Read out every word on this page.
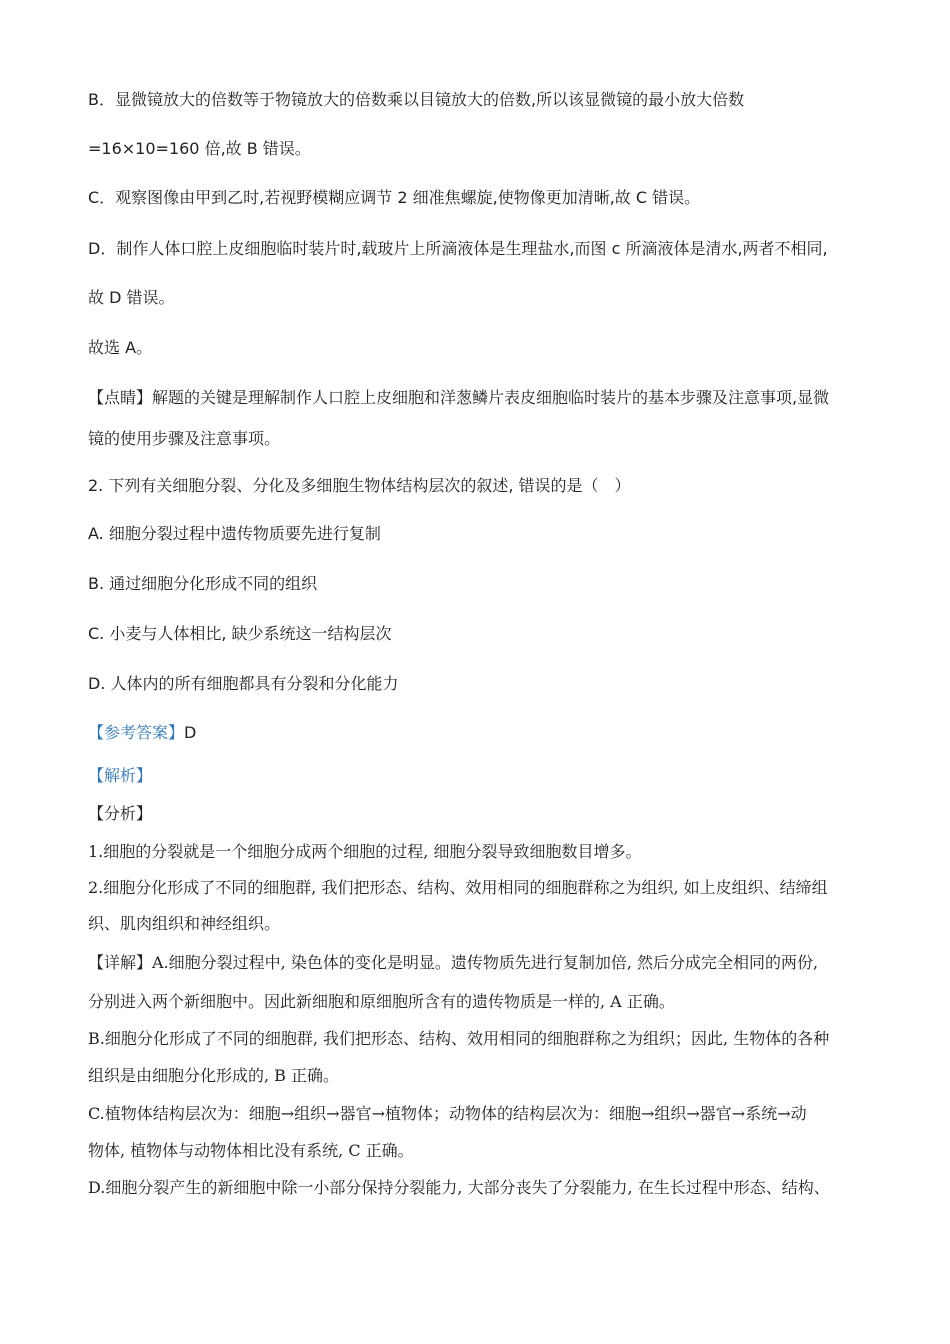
B．显微镜放大的倍数等于物镜放大的倍数乘以目镜放大的倍数,所以该显微镜的最小放大倍数
=16×10=160 倍,故 B 错误。
C．观察图像由甲到乙时,若视野模糊应调节 2 细准焦螺旋,使物像更加清晰,故 C 错误。
D．制作人体口腔上皮细胞临时装片时,载玻片上所滴液体是生理盐水,而图 c 所滴液体是清水,两者不相同,
故 D 错误。
故选 A。
【点睛】解题的关键是理解制作人口腔上皮细胞和洋葱鳞片表皮细胞临时装片的基本步骤及注意事项,显微
镜的使用步骤及注意事项。
2. 下列有关细胞分裂、分化及多细胞生物体结构层次的叙述, 错误的是（　）
A. 细胞分裂过程中遗传物质要先进行复制
B. 通过细胞分化形成不同的组织
C. 小麦与人体相比, 缺少系统这一结构层次
D. 人体内的所有细胞都具有分裂和分化能力
【参考答案】D
【解析】
【分析】
1.细胞的分裂就是一个细胞分成两个细胞的过程, 细胞分裂导致细胞数目增多。
2.细胞分化形成了不同的细胞群, 我们把形态、结构、效用相同的细胞群称之为组织, 如上皮组织、结缔组
织、肌肉组织和神经组织。
【详解】A.细胞分裂过程中, 染色体的变化是明显。遗传物质先进行复制加倍, 然后分成完全相同的两份,
分别进入两个新细胞中。因此新细胞和原细胞所含有的遗传物质是一样的, A 正确。
B.细胞分化形成了不同的细胞群, 我们把形态、结构、效用相同的细胞群称之为组织；因此, 生物体的各种
组织是由细胞分化形成的, B 正确。
C.植物体结构层次为：细胞→组织→器官→植物体；动物体的结构层次为：细胞→组织→器官→系统→动
物体, 植物体与动物体相比没有系统, C 正确。
D.细胞分裂产生的新细胞中除一小部分保持分裂能力, 大部分丧失了分裂能力, 在生长过程中形态、结构、
